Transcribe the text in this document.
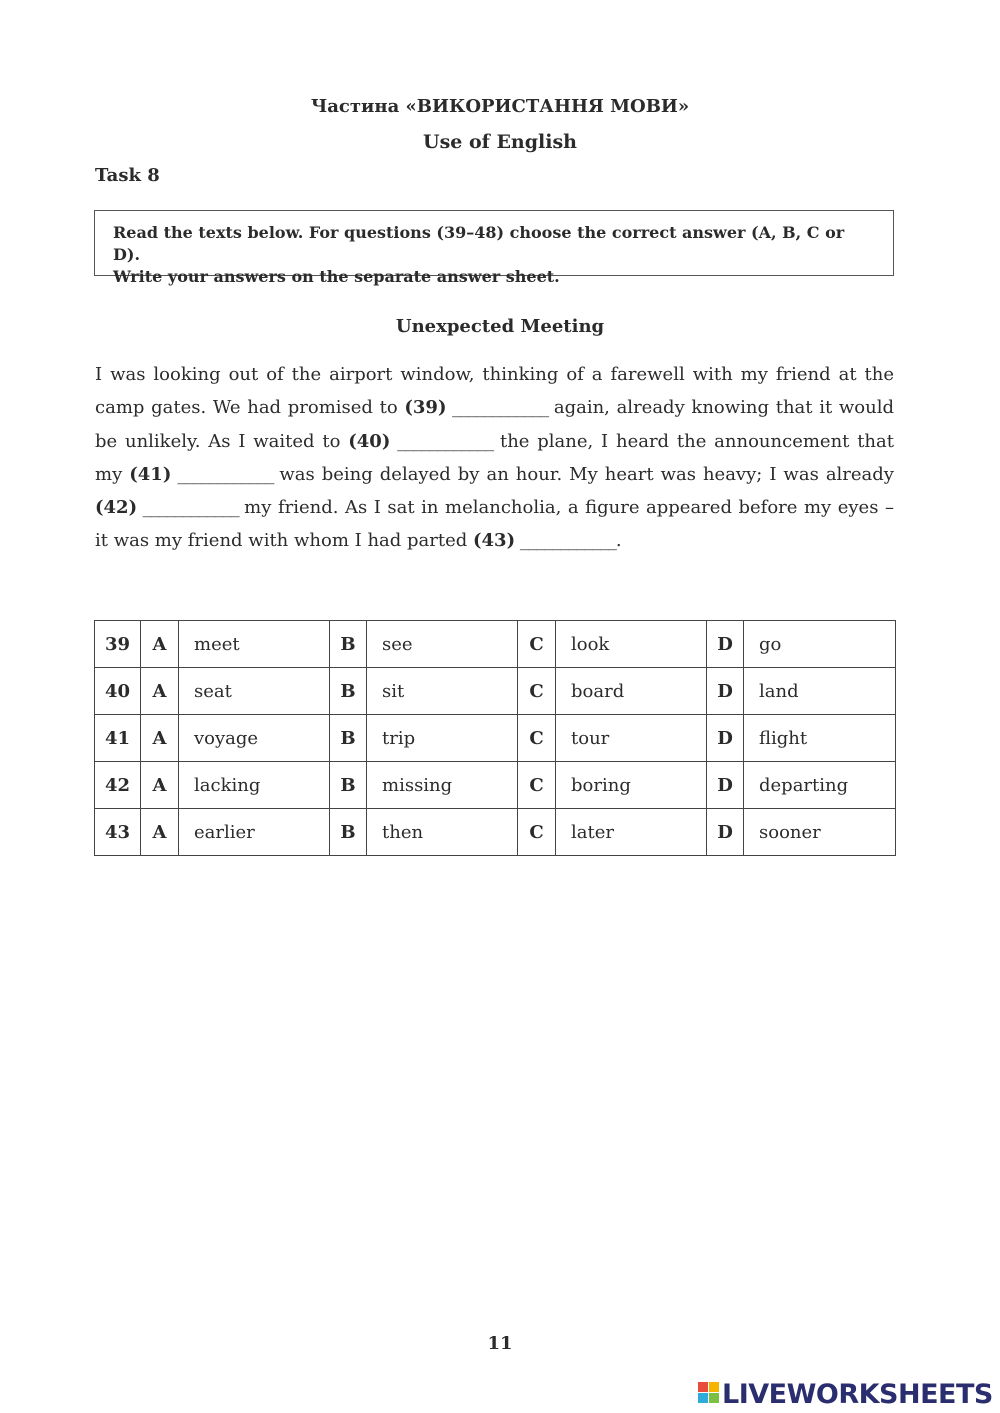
Частина «ВИКОРИСТАННЯ МОВИ»
Use of English
Task 8
Read the texts below. For questions (39–48) choose the correct answer (A, B, C or D).
Write your answers on the separate answer sheet.
Unexpected Meeting
I was looking out of the airport window, thinking of a farewell with my friend at the camp gates. We had promised to (39) ____________ again, already knowing that it would be unlikely. As I waited to (40) ____________ the plane, I heard the announcement that my (41) ____________ was being delayed by an hour. My heart was heavy; I was already (42) ____________ my friend. As I sat in melancholia, a figure appeared before my eyes – it was my friend with whom I had parted (43) ____________.
39	A	meet	B	see	C	look	D	go
40	A	seat	B	sit	C	board	D	land
41	A	voyage	B	trip	C	tour	D	flight
42	A	lacking	B	missing	C	boring	D	departing
43	A	earlier	B	then	C	later	D	sooner
11
LIVEWORKSHEETS
